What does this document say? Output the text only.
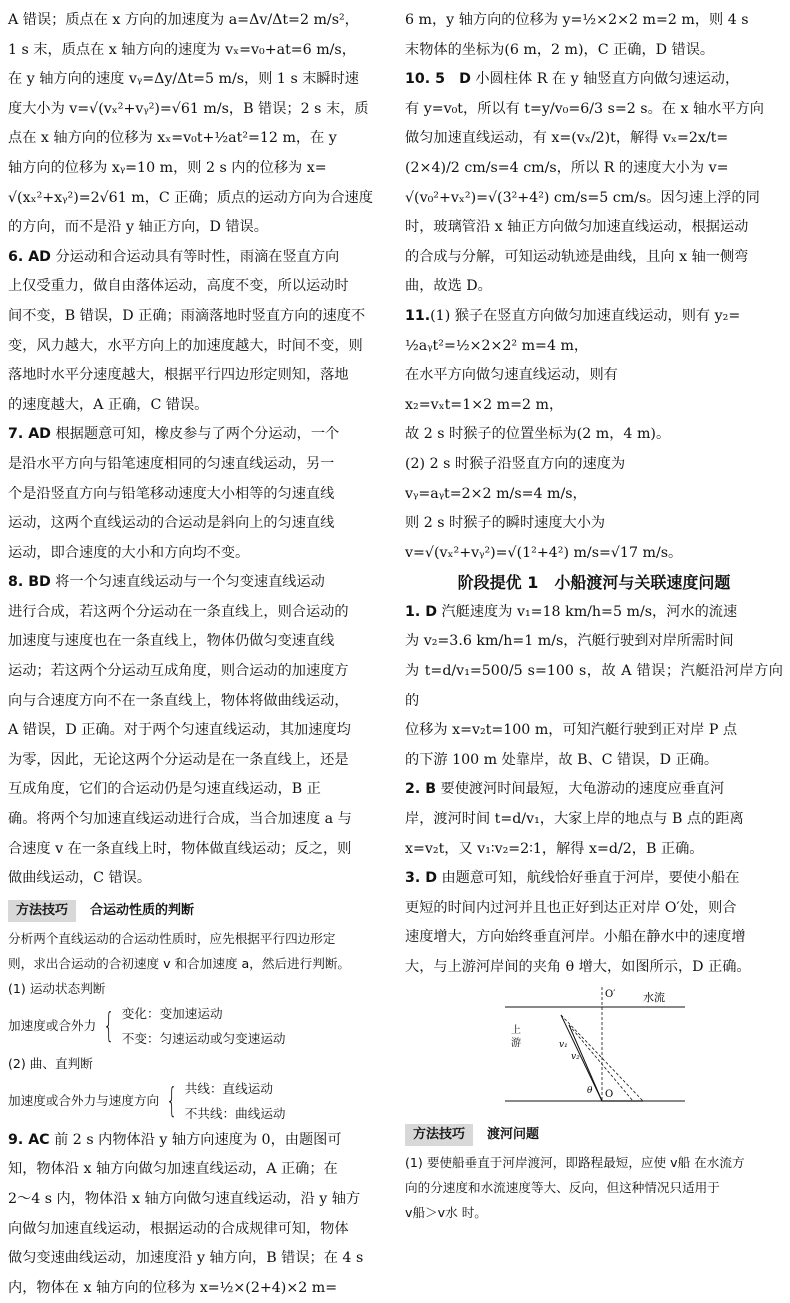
A 错误；质点在 x 方向的加速度为 a=Δv/Δt=2 m/s²，

1 s 末，质点在 x 轴方向的速度为 vₓ=v₀+at=6 m/s，

在 y 轴方向的速度 vᵧ=Δy/Δt=5 m/s，则 1 s 末瞬时速

度大小为 v=√(vₓ²+vᵧ²)=√61 m/s，B 错误；2 s 末，质

点在 x 轴方向的位移为 xₓ=v₀t+½at²=12 m，在 y

轴方向的位移为 xᵧ=10 m，则 2 s 内的位移为 x=

√(xₓ²+xᵧ²)=2√61 m，C 正确；质点的运动方向为合速度

的方向，而不是沿 y 轴正方向，D 错误。

6. AD 分运动和合运动具有等时性，雨滴在竖直方向

上仅受重力，做自由落体运动，高度不变，所以运动时

间不变，B 错误，D 正确；雨滴落地时竖直方向的速度不

变，风力越大，水平方向上的加速度越大，时间不变，则

落地时水平分速度越大，根据平行四边形定则知，落地

的速度越大，A 正确，C 错误。

7. AD 根据题意可知，橡皮参与了两个分运动，一个

是沿水平方向与铅笔速度相同的匀速直线运动，另一

个是沿竖直方向与铅笔移动速度大小相等的匀速直线

运动，这两个直线运动的合运动是斜向上的匀速直线

运动，即合速度的大小和方向均不变。

8. BD 将一个匀速直线运动与一个匀变速直线运动

进行合成，若这两个分运动在一条直线上，则合运动的

加速度与速度也在一条直线上，物体仍做匀变速直线

运动；若这两个分运动互成角度，则合运动的加速度方

向与合速度方向不在一条直线上，物体将做曲线运动，

A 错误，D 正确。对于两个匀速直线运动，其加速度均

为零，因此，无论这两个分运动是在一条直线上，还是

互成角度，它们的合运动仍是匀速直线运动，B 正

确。将两个匀加速直线运动进行合成，当合加速度 a 与

合速度 v 在一条直线上时，物体做直线运动；反之，则

做曲线运动，C 错误。

方法技巧	合运动性质的判断
分析两个直线运动的合运动性质时，应先根据平行四边形定
则，求出合运动的合初速度 v 和合加速度 a，然后进行判断。
(1) 运动状态判断
加速度或合外力 { 变化：变加速运动
不变：匀速运动或匀变速运动
(2) 曲、直判断
加速度或合外力与速度方向 { 共线：直线运动
不共线：曲线运动

9. AC 前 2 s 内物体沿 y 轴方向速度为 0，由题图可

知，物体沿 x 轴方向做匀加速直线运动，A 正确；在

2～4 s 内，物体沿 x 轴方向做匀速直线运动，沿 y 轴方

向做匀加速直线运动，根据运动的合成规律可知，物体

做匀变速曲线运动，加速度沿 y 轴方向，B 错误；在 4 s

内，物体在 x 轴方向的位移为 x=½×(2+4)×2 m=

6 m，y 轴方向的位移为 y=½×2×2 m=2 m，则 4 s

末物体的坐标为(6 m，2 m)，C 正确，D 错误。

10. 5　D 小圆柱体 R 在 y 轴竖直方向做匀速运动，

有 y=v₀t，所以有 t=y/v₀=6/3 s=2 s。在 x 轴水平方向

做匀加速直线运动，有 x=(vₓ/2)t，解得 vₓ=2x/t=

(2×4)/2 cm/s=4 cm/s，所以 R 的速度大小为 v=

√(v₀²+vₓ²)=√(3²+4²) cm/s=5 cm/s。因匀速上浮的同

时，玻璃管沿 x 轴正方向做匀加速直线运动，根据运动

的合成与分解，可知运动轨迹是曲线，且向 x 轴一侧弯

曲，故选 D。

11.(1) 猴子在竖直方向做匀加速直线运动，则有 y₂=

½aᵧt²=½×2×2² m=4 m，

在水平方向做匀速直线运动，则有

x₂=vₓt=1×2 m=2 m，

故 2 s 时猴子的位置坐标为(2 m，4 m)。

(2) 2 s 时猴子沿竖直方向的速度为

vᵧ=aᵧt=2×2 m/s=4 m/s，

则 2 s 时猴子的瞬时速度大小为

v=√(vₓ²+vᵧ²)=√(1²+4²) m/s=√17 m/s。

阶段提优 1　小船渡河与关联速度问题

1. D 汽艇速度为 v₁=18 km/h=5 m/s，河水的流速

为 v₂=3.6 km/h=1 m/s，汽艇行驶到对岸所需时间

为 t=d/v₁=500/5 s=100 s，故 A 错误；汽艇沿河岸方向的

位移为 x=v₂t=100 m，可知汽艇行驶到正对岸 P 点

的下游 100 m 处靠岸，故 B、C 错误，D 正确。

2. B 要使渡河时间最短，大龟游动的速度应垂直河

岸，渡河时间 t=d/v₁，大家上岸的地点与 B 点的距离

x=v₂t，又 v₁∶v₂=2∶1，解得 x=d/2，B 正确。

3. D 由题意可知，航线恰好垂直于河岸，要使小船在

更短的时间内过河并且也正好到达正对岸 O′处，则合

速度增大，方向始终垂直河岸。小船在静水中的速度增

大，与上游河岸间的夹角 θ 增大，如图所示，D 正确。

O′	水流
上游
O
θ
v₁
v₂
方法技巧	渡河问题
(1) 要使船垂直于河岸渡河，即路程最短，应使 v船 在水流方
向的分速度和水流速度等大、反向，但这种情况只适用于
v船＞v水 时。
